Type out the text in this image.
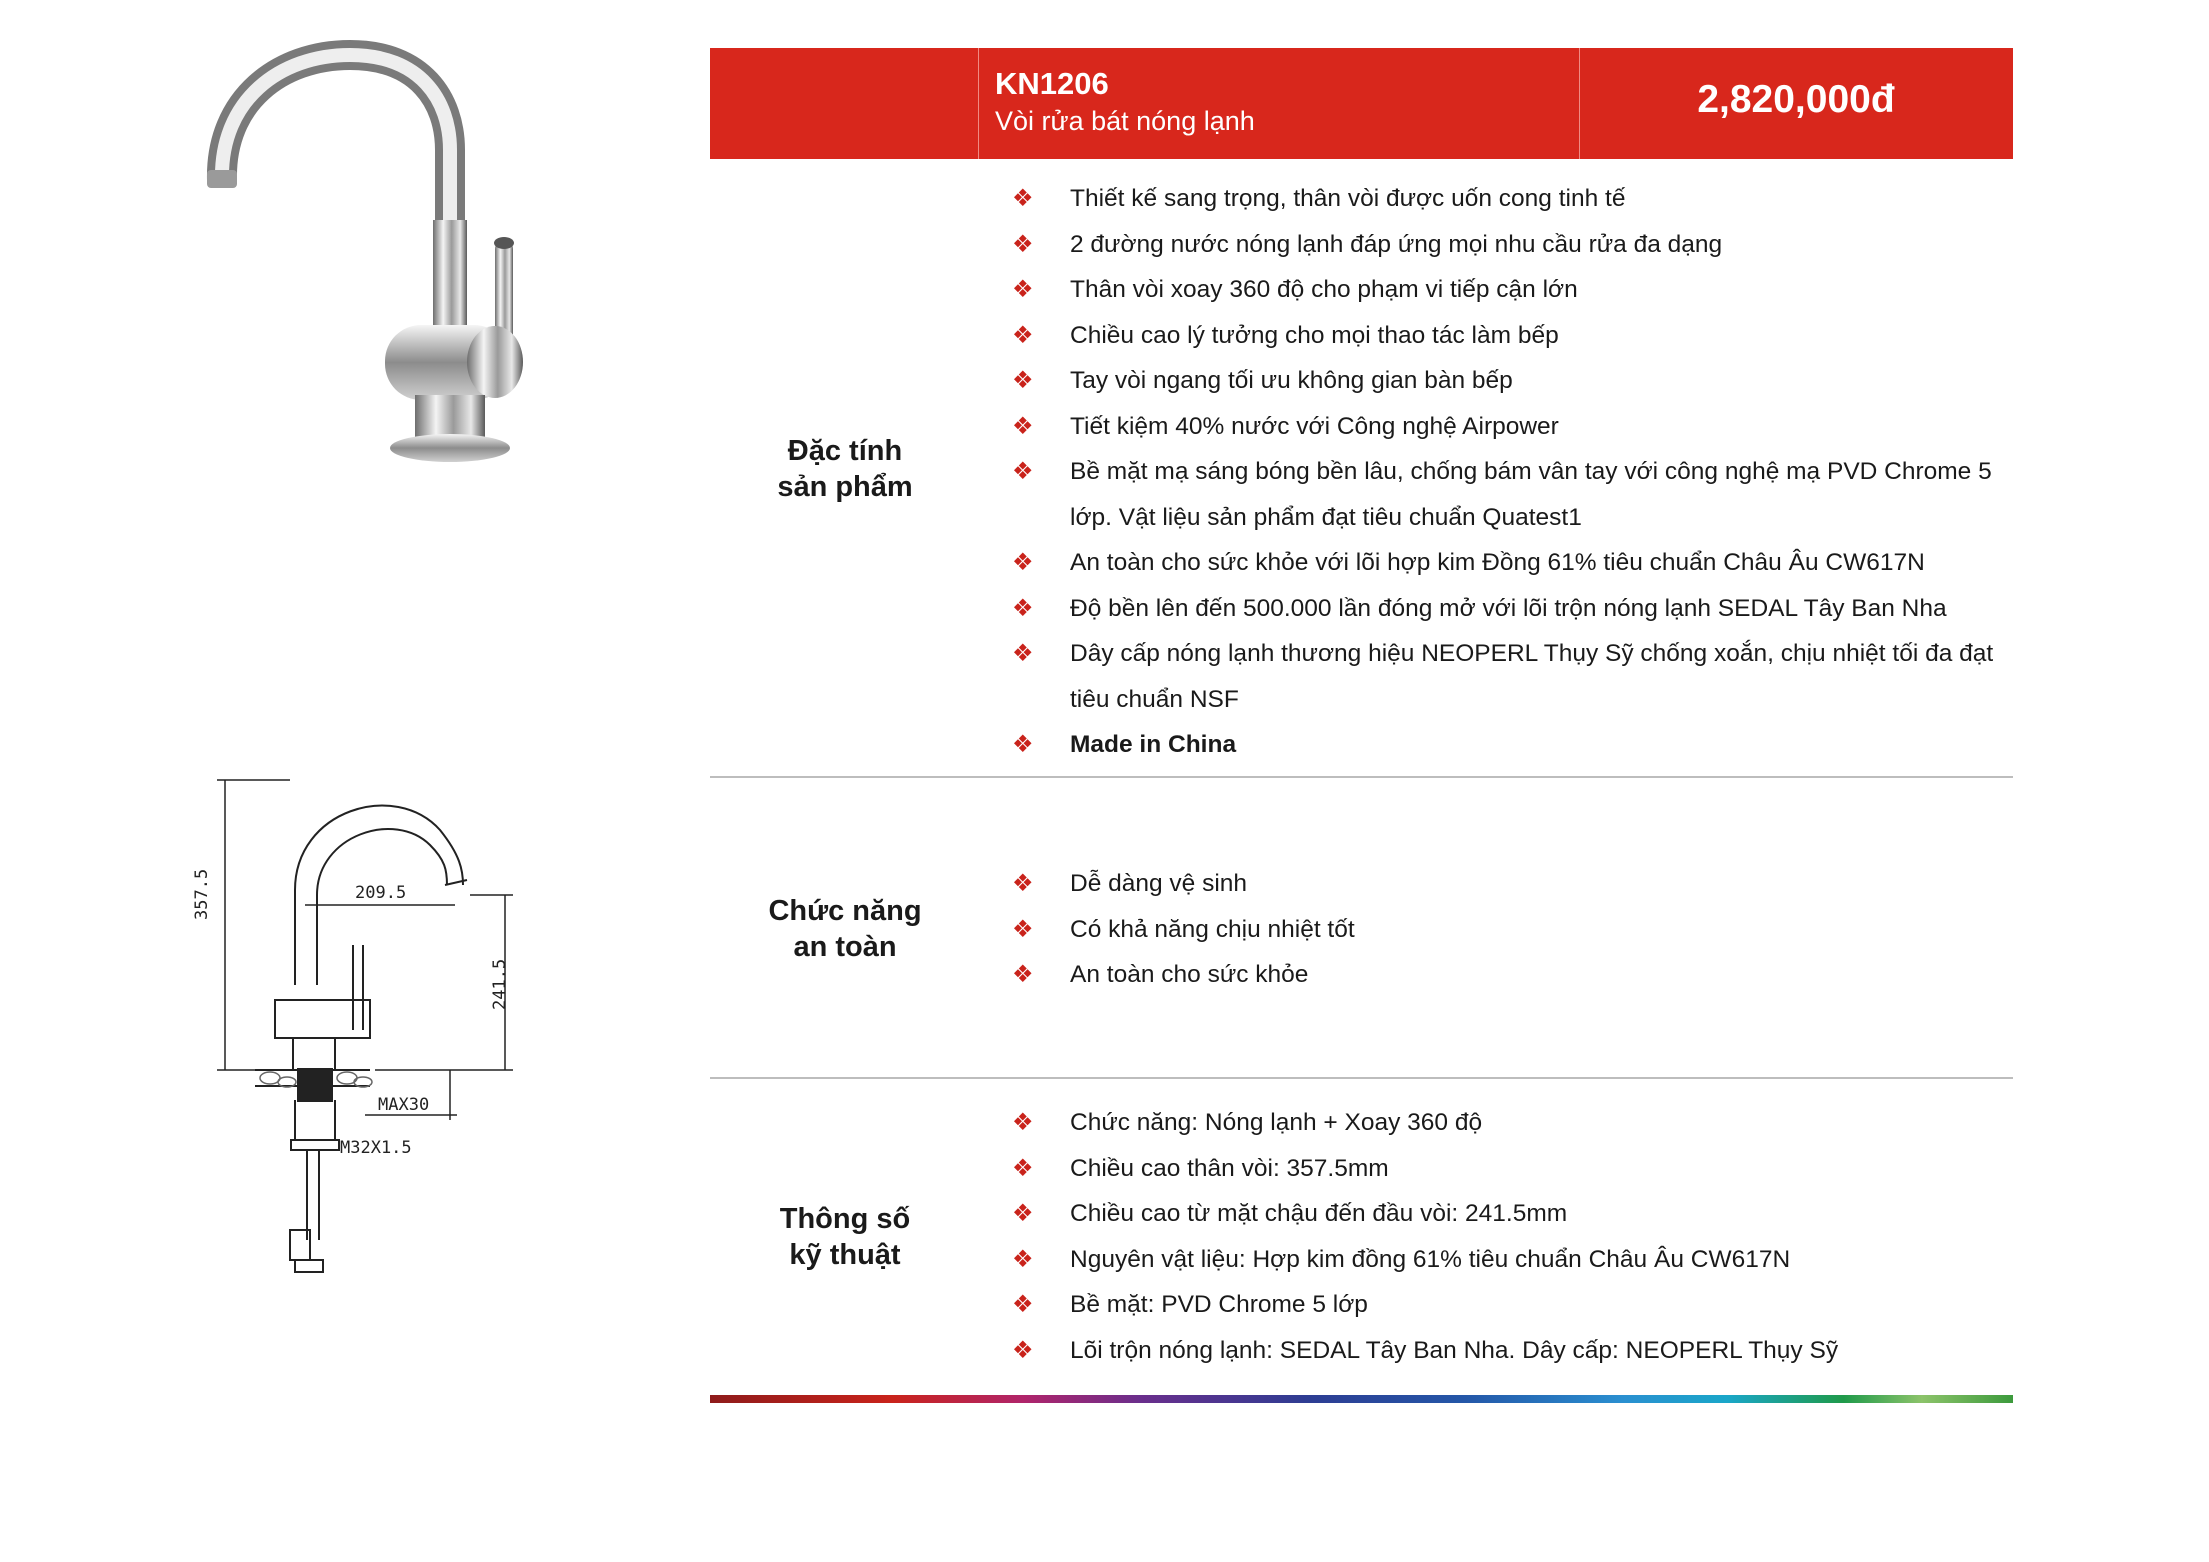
357.5	209.5
241.5
MAX30
M32X1.5
KN1206
Vòi rửa bát nóng lạnh	2,820,000đ
Đặc tính
sản phẩm
❖ Thiết kế sang trọng, thân vòi được uốn cong tinh tế
❖ 2 đường nước nóng lạnh đáp ứng mọi nhu cầu rửa đa dạng
❖ Thân vòi xoay 360 độ cho phạm vi tiếp cận lớn
❖ Chiều cao lý tưởng cho mọi thao tác làm bếp
❖ Tay vòi ngang tối ưu không gian bàn bếp
❖ Tiết kiệm 40% nước với Công nghệ Airpower
❖ Bề mặt mạ sáng bóng bền lâu, chống bám vân tay với công nghệ mạ PVD Chrome 5 lớp. Vật liệu sản phẩm đạt tiêu chuẩn Quatest1
❖ An toàn cho sức khỏe với lõi hợp kim Đồng 61% tiêu chuẩn Châu Âu CW617N
❖ Độ bền lên đến 500.000 lần đóng mở với lõi trộn nóng lạnh SEDAL Tây Ban Nha
❖ Dây cấp nóng lạnh thương hiệu NEOPERL Thụy Sỹ chống xoắn, chịu nhiệt tối đa đạt tiêu chuẩn NSF
❖ Made in China
Chức năng
an toàn
❖ Dễ dàng vệ sinh
❖ Có khả năng chịu nhiệt tốt
❖ An toàn cho sức khỏe
Thông số
kỹ thuật
❖ Chức năng: Nóng lạnh + Xoay 360 độ
❖ Chiều cao thân vòi: 357.5mm
❖ Chiều cao từ mặt chậu đến đầu vòi: 241.5mm
❖ Nguyên vật liệu: Hợp kim đồng 61% tiêu chuẩn Châu Âu CW617N
❖ Bề mặt: PVD Chrome 5 lớp
❖ Lõi trộn nóng lạnh: SEDAL Tây Ban Nha. Dây cấp: NEOPERL Thụy Sỹ
